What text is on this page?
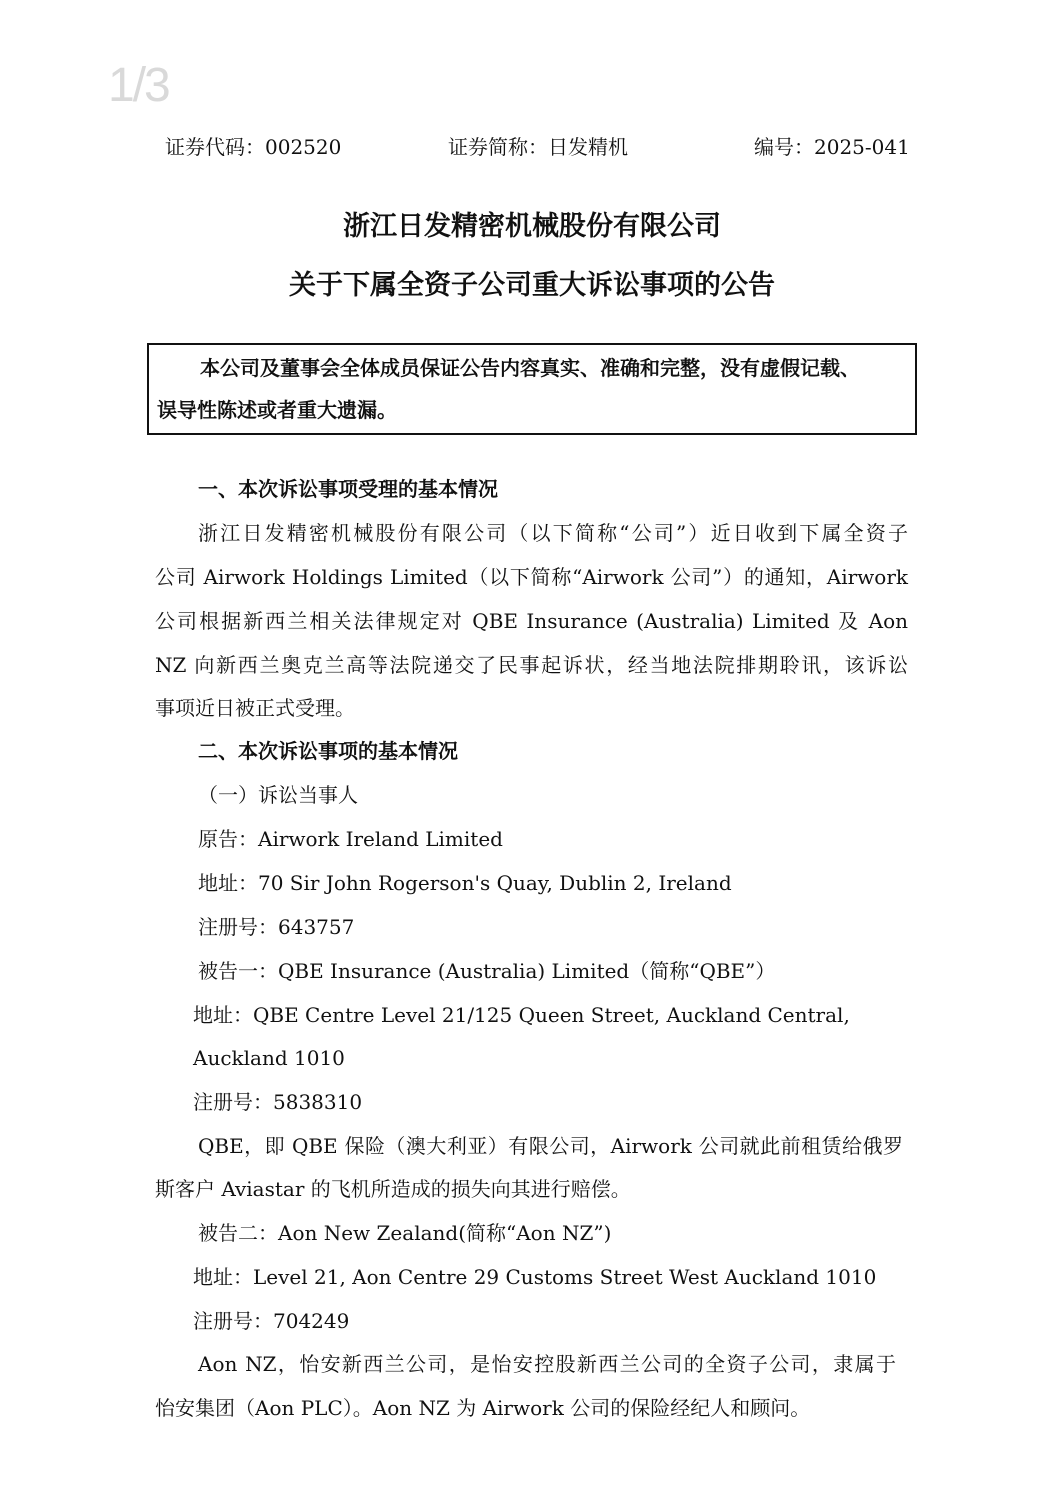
1/3
证券代码：002520	证券简称：日发精机	编号：2025-041
浙江日发精密机械股份有限公司
关于下属全资子公司重大诉讼事项的公告
本公司及董事会全体成员保证公告内容真实、准确和完整，没有虚假记载、
误导性陈述或者重大遗漏。
一、本次诉讼事项受理的基本情况
浙江日发精密机械股份有限公司（以下简称“公司”）近日收到下属全资子
公司 Airwork Holdings Limited（以下简称“Airwork 公司”）的通知，Airwork
公司根据新西兰相关法律规定对 QBE Insurance (Australia) Limited 及 Aon
NZ 向新西兰奥克兰高等法院递交了民事起诉状，经当地法院排期聆讯，该诉讼
事项近日被正式受理。
二、本次诉讼事项的基本情况
（一）诉讼当事人
原告：Airwork Ireland Limited
地址：70 Sir John Rogerson's Quay, Dublin 2, Ireland
注册号：643757
被告一：QBE Insurance (Australia) Limited（简称“QBE”）
地址：QBE Centre Level 21/125 Queen Street, Auckland Central,
Auckland 1010
注册号：5838310
QBE，即 QBE 保险（澳大利亚）有限公司，Airwork 公司就此前租赁给俄罗
斯客户 Aviastar 的飞机所造成的损失向其进行赔偿。
被告二：Aon New Zealand(简称“Aon NZ”)
地址：Level 21, Aon Centre 29 Customs Street West Auckland 1010
注册号：704249
Aon NZ，怡安新西兰公司，是怡安控股新西兰公司的全资子公司，隶属于
怡安集团（Aon PLC）。Aon NZ 为 Airwork 公司的保险经纪人和顾问。
